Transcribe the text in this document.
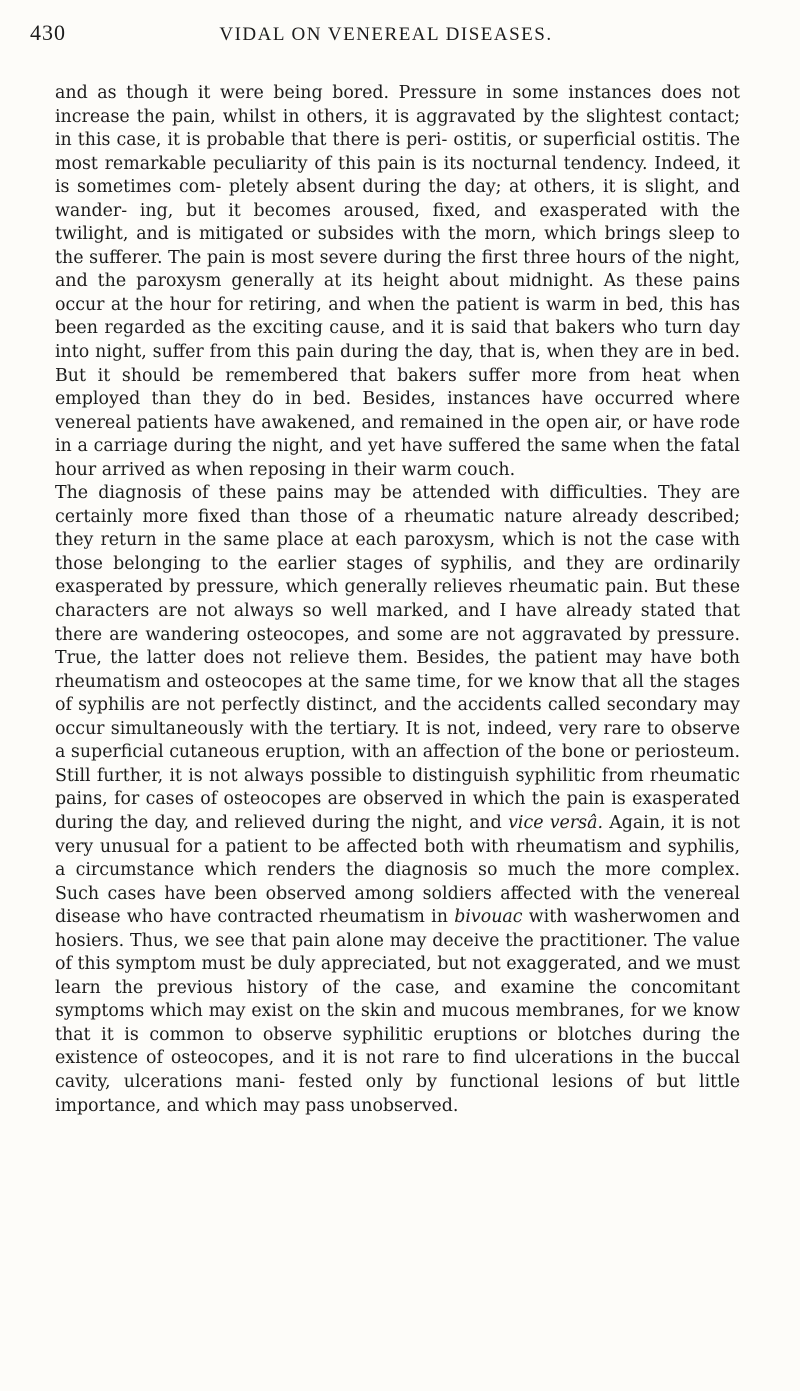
430	VIDAL ON VENEREAL DISEASES.

and as though it were being bored. Pressure in some instances does not increase the pain, whilst in others, it is aggravated by the slightest contact; in this case, it is probable that there is peri- ostitis, or superficial ostitis. The most remarkable peculiarity of this pain is its nocturnal tendency. Indeed, it is sometimes com- pletely absent during the day; at others, it is slight, and wander- ing, but it becomes aroused, fixed, and exasperated with the twilight, and is mitigated or subsides with the morn, which brings sleep to the sufferer. The pain is most severe during the first three hours of the night, and the paroxysm generally at its height about midnight. As these pains occur at the hour for retiring, and when the patient is warm in bed, this has been regarded as the exciting cause, and it is said that bakers who turn day into night, suffer from this pain during the day, that is, when they are in bed. But it should be remembered that bakers suffer more from heat when employed than they do in bed. Besides, instances have occurred where venereal patients have awakened, and remained in the open air, or have rode in a carriage during the night, and yet have suffered the same when the fatal hour arrived as when reposing in their warm couch.

The diagnosis of these pains may be attended with difficulties. They are certainly more fixed than those of a rheumatic nature already described; they return in the same place at each paroxysm, which is not the case with those belonging to the earlier stages of syphilis, and they are ordinarily exasperated by pressure, which generally relieves rheumatic pain. But these characters are not always so well marked, and I have already stated that there are wandering osteocopes, and some are not aggravated by pressure. True, the latter does not relieve them. Besides, the patient may have both rheumatism and osteocopes at the same time, for we know that all the stages of syphilis are not perfectly distinct, and the accidents called secondary may occur simultaneously with the tertiary. It is not, indeed, very rare to observe a superficial cutaneous eruption, with an affection of the bone or periosteum. Still further, it is not always possible to distinguish syphilitic from rheumatic pains, for cases of osteocopes are observed in which the pain is exasperated during the day, and relieved during the night, and vice versâ. Again, it is not very unusual for a patient to be affected both with rheumatism and syphilis, a circumstance which renders the diagnosis so much the more complex. Such cases have been observed among soldiers affected with the venereal disease who have contracted rheumatism in bivouac with washerwomen and hosiers. Thus, we see that pain alone may deceive the practitioner. The value of this symptom must be duly appreciated, but not exaggerated, and we must learn the previous history of the case, and examine the concomitant symptoms which may exist on the skin and mucous membranes, for we know that it is common to observe syphilitic eruptions or blotches during the existence of osteocopes, and it is not rare to find ulcerations in the buccal cavity, ulcerations mani- fested only by functional lesions of but little importance, and which may pass unobserved.
